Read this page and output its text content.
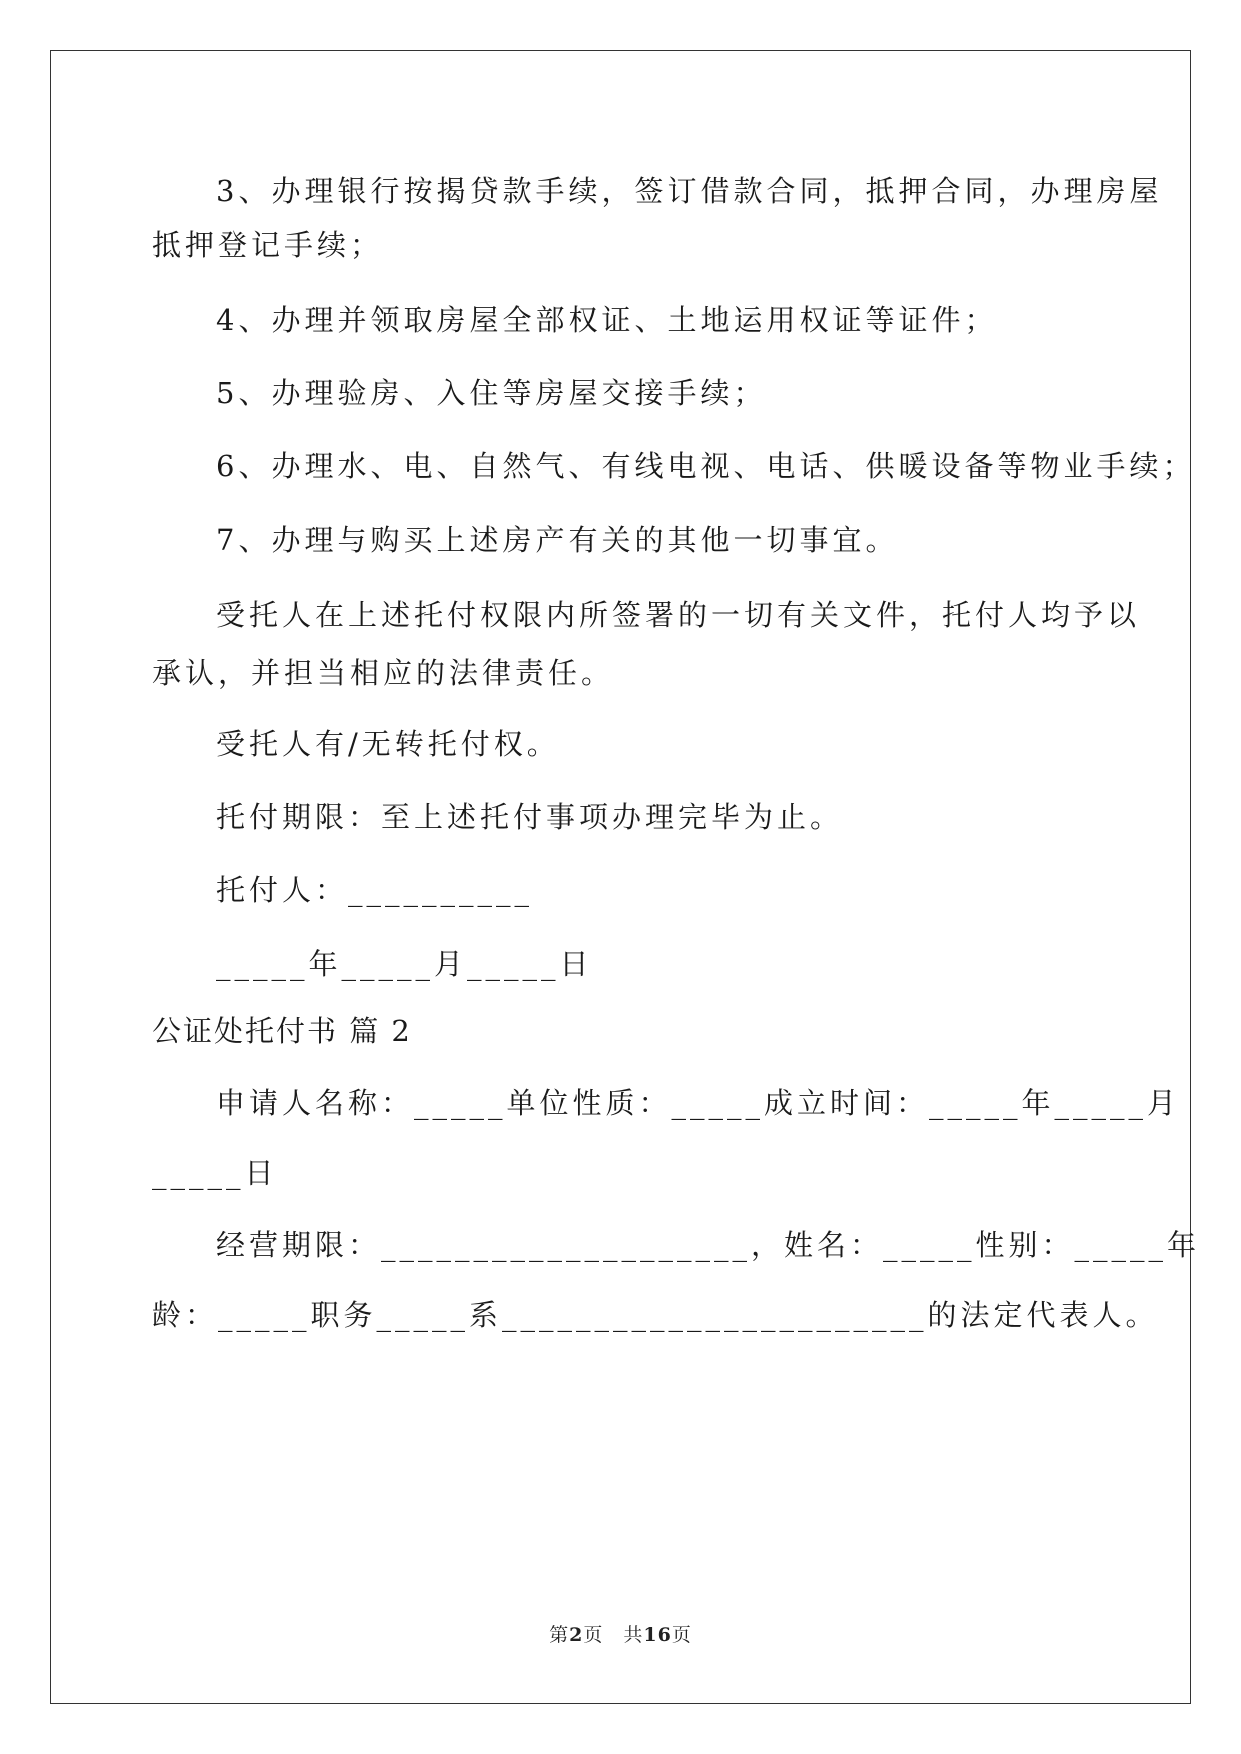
3、办理银行按揭贷款手续，签订借款合同，抵押合同，办理房屋
抵押登记手续；
4、办理并领取房屋全部权证、土地运用权证等证件；
5、办理验房、入住等房屋交接手续；
6、办理水、电、自然气、有线电视、电话、供暖设备等物业手续；
7、办理与购买上述房产有关的其他一切事宜。
受托人在上述托付权限内所签署的一切有关文件，托付人均予以
承认，并担当相应的法律责任。
受托人有/无转托付权。
托付期限：至上述托付事项办理完毕为止。
托付人：__________
_____年_____月_____日
公证处托付书 篇 2
申请人名称：_____单位性质：_____成立时间：_____年_____月
_____日
经营期限：____________________，姓名：_____性别：_____年
龄：_____职务_____系_______________________的法定代表人。
第2页　共16页
